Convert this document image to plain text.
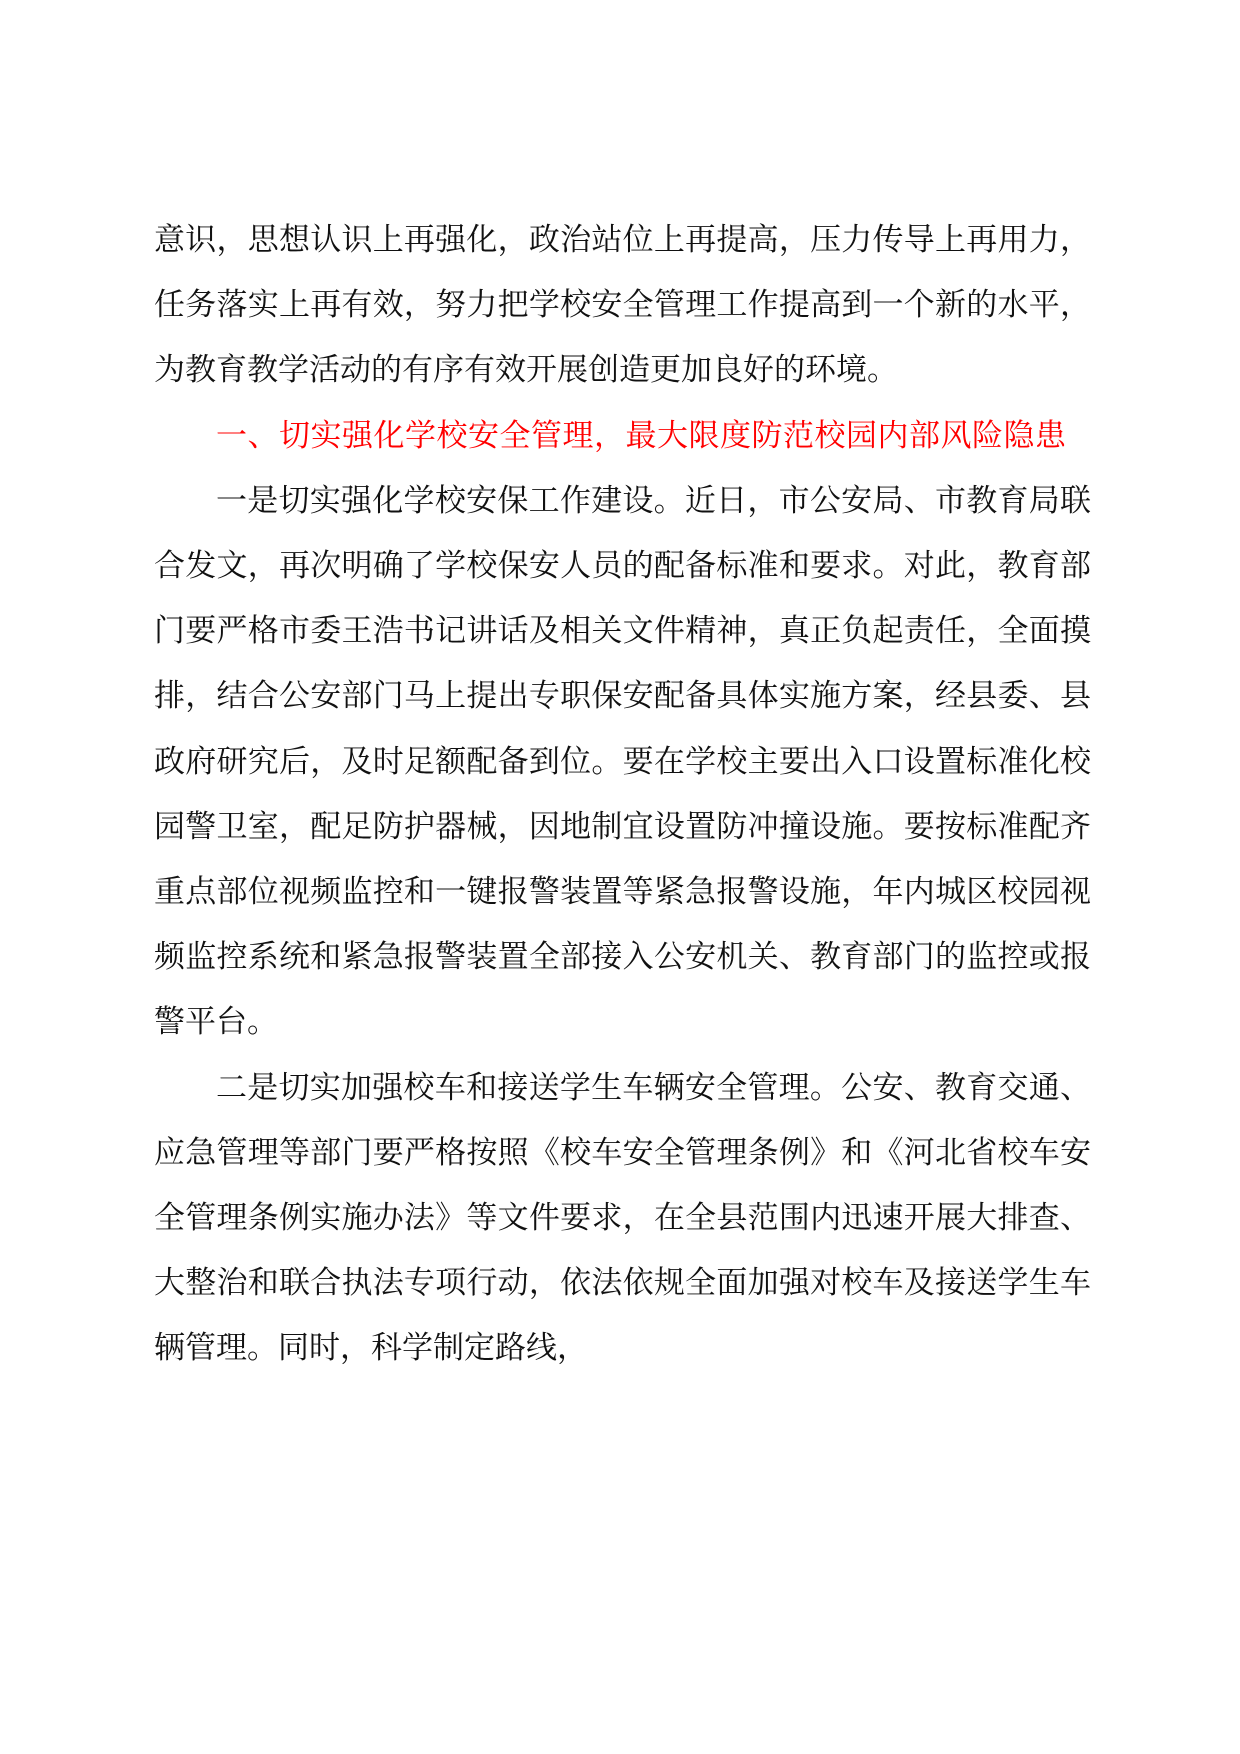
意识，思想认识上再强化，政治站位上再提高，压力传导上再用力，任务落实上再有效，努力把学校安全管理工作提高到一个新的水平，为教育教学活动的有序有效开展创造更加良好的环境。

一、切实强化学校安全管理，最大限度防范校园内部风险隐患

一是切实强化学校安保工作建设。近日，市公安局、市教育局联合发文，再次明确了学校保安人员的配备标准和要求。对此，教育部门要严格市委王浩书记讲话及相关文件精神，真正负起责任，全面摸排，结合公安部门马上提出专职保安配备具体实施方案，经县委、县政府研究后，及时足额配备到位。要在学校主要出入口设置标准化校园警卫室，配足防护器械，因地制宜设置防冲撞设施。要按标准配齐重点部位视频监控和一键报警装置等紧急报警设施，年内城区校园视频监控系统和紧急报警装置全部接入公安机关、教育部门的监控或报警平台。

二是切实加强校车和接送学生车辆安全管理。公安、教育交通、应急管理等部门要严格按照《校车安全管理条例》和《河北省校车安全管理条例实施办法》等文件要求，在全县范围内迅速开展大排查、大整治和联合执法专项行动，依法依规全面加强对校车及接送学生车辆管理。同时，科学制定路线，
